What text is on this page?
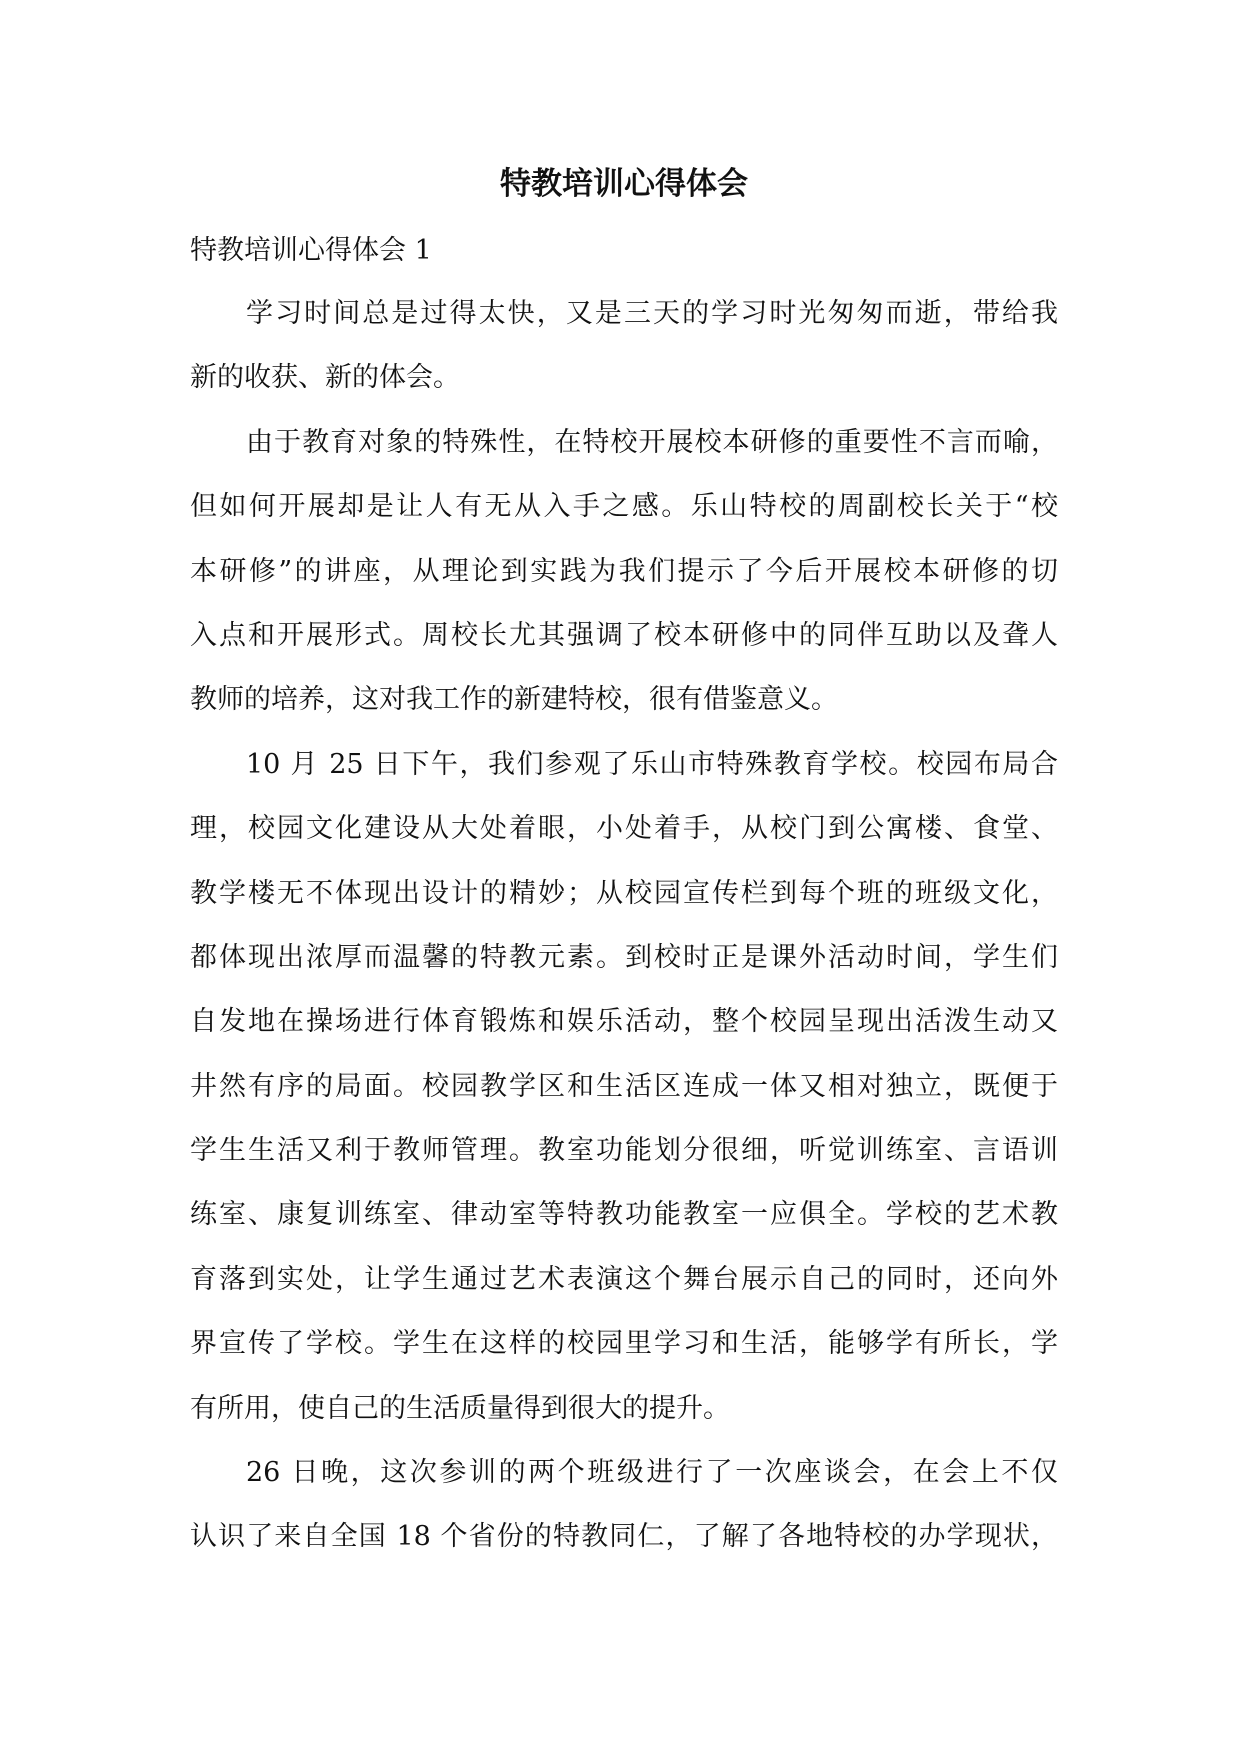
特教培训心得体会
特教培训心得体会 1
学习时间总是过得太快，又是三天的学习时光匆匆而逝，带给我
新的收获、新的体会。
由于教育对象的特殊性，在特校开展校本研修的重要性不言而喻，
但如何开展却是让人有无从入手之感。乐山特校的周副校长关于“校
本研修”的讲座，从理论到实践为我们提示了今后开展校本研修的切
入点和开展形式。周校长尤其强调了校本研修中的同伴互助以及聋人
教师的培养，这对我工作的新建特校，很有借鉴意义。
10 月 25 日下午，我们参观了乐山市特殊教育学校。校园布局合
理，校园文化建设从大处着眼，小处着手，从校门到公寓楼、食堂、
教学楼无不体现出设计的精妙；从校园宣传栏到每个班的班级文化，
都体现出浓厚而温馨的特教元素。到校时正是课外活动时间，学生们
自发地在操场进行体育锻炼和娱乐活动，整个校园呈现出活泼生动又
井然有序的局面。校园教学区和生活区连成一体又相对独立，既便于
学生生活又利于教师管理。教室功能划分很细，听觉训练室、言语训
练室、康复训练室、律动室等特教功能教室一应俱全。学校的艺术教
育落到实处，让学生通过艺术表演这个舞台展示自己的同时，还向外
界宣传了学校。学生在这样的校园里学习和生活，能够学有所长，学
有所用，使自己的生活质量得到很大的提升。
26 日晚，这次参训的两个班级进行了一次座谈会，在会上不仅
认识了来自全国 18 个省份的特教同仁，了解了各地特校的办学现状，
